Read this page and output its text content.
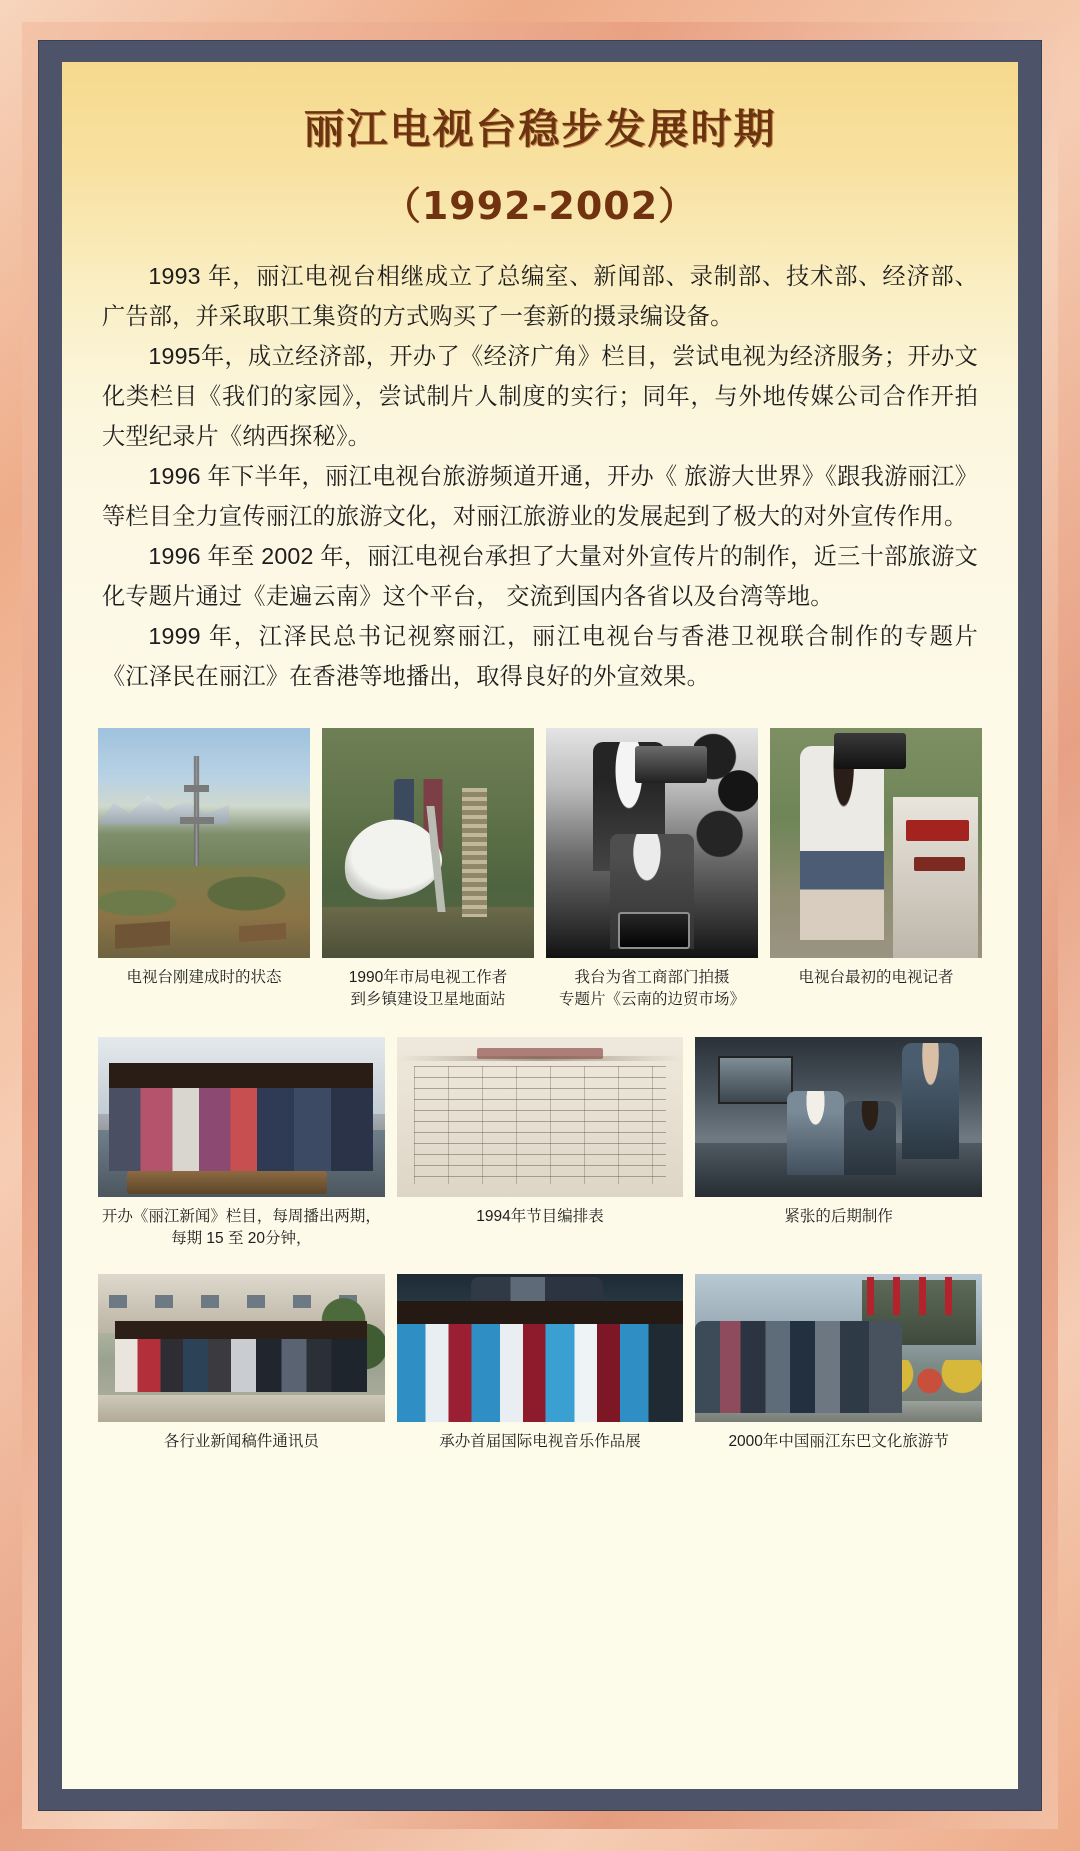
丽江电视台稳步发展时期
（1992-2002）

1993 年，丽江电视台相继成立了总编室、新闻部、录制部、技术部、经济部、广告部，并采取职工集资的方式购买了一套新的摄录编设备。

1995年，成立经济部，开办了《经济广角》栏目，尝试电视为经济服务；开办文化类栏目《我们的家园》，尝试制片人制度的实行；同年，与外地传媒公司合作开拍大型纪录片《纳西探秘》。

1996 年下半年，丽江电视台旅游频道开通，开办《 旅游大世界》《跟我游丽江》等栏目全力宣传丽江的旅游文化，对丽江旅游业的发展起到了极大的对外宣传作用。

1996 年至 2002 年，丽江电视台承担了大量对外宣传片的制作，近三十部旅游文化专题片通过《走遍云南》这个平台， 交流到国内各省以及台湾等地。

1999 年，江泽民总书记视察丽江，丽江电视台与香港卫视联合制作的专题片《江泽民在丽江》在香港等地播出，取得良好的外宣效果。

电视台刚建成时的状态	1990年市局电视工作者
到乡镇建设卫星地面站
我台为省工商部门拍摄
专题片《云南的边贸市场》
电视台最初的电视记者
开办《丽江新闻》栏目，每周播出两期，
每期 15 至 20分钟，
1994年节目编排表	紧张的后期制作
各行业新闻稿件通讯员	承办首届国际电视音乐作品展	2000年中国丽江东巴文化旅游节
